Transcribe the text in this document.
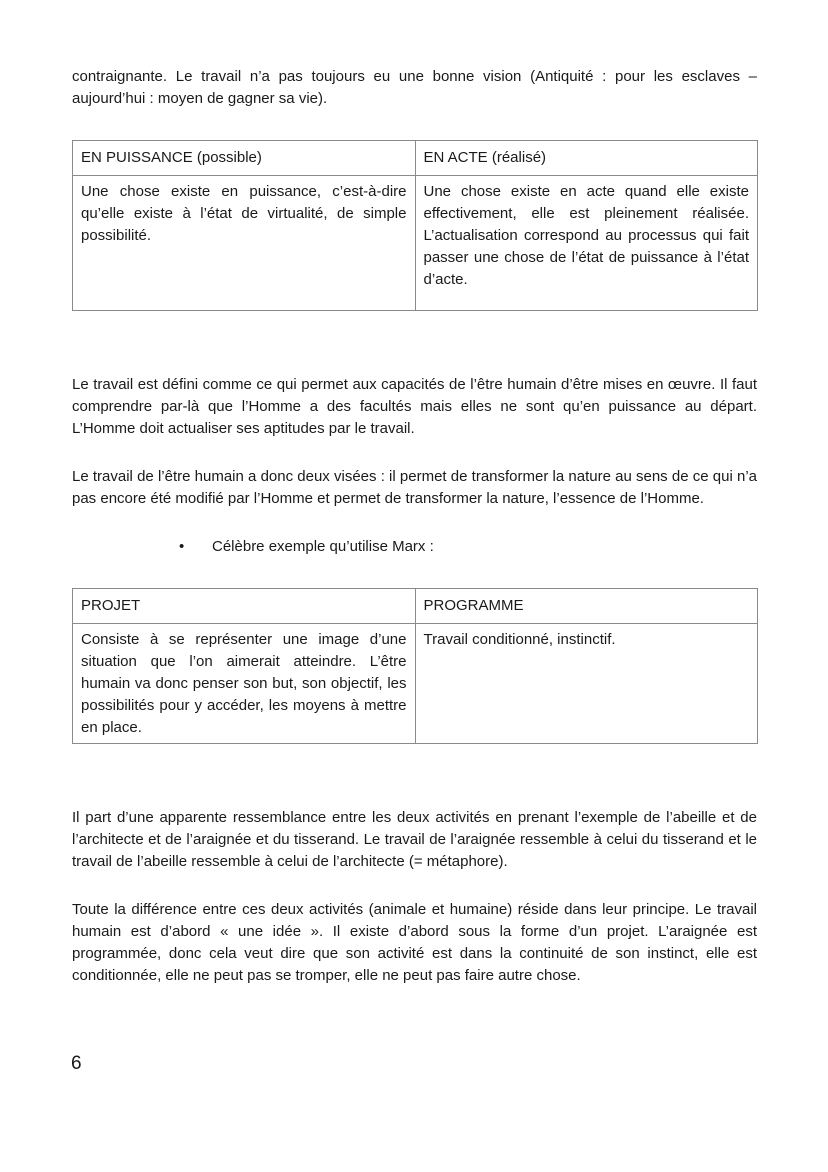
contraignante. Le travail n’a pas toujours eu une bonne vision (Antiquité : pour les esclaves – aujourd’hui : moyen de gagner sa vie).

EN PUISSANCE (possible)	EN ACTE (réalisé)
Une chose existe en puissance, c’est-à-dire qu’elle existe à l’état de virtualité, de simple possibilité.	Une chose existe en acte quand elle existe effectivement, elle est pleinement réalisée. L’actualisation correspond au processus qui fait passer une chose de l’état de puissance à l’état d’acte.

Le travail est défini comme ce qui permet aux capacités de l’être humain d’être mises en œuvre. Il faut comprendre par-là que l’Homme a des facultés mais elles ne sont qu’en puissance au départ. L’Homme doit actualiser ses aptitudes par le travail.

Le travail de l’être humain a donc deux visées : il permet de transformer la nature au sens de ce qui n’a pas encore été modifié par l’Homme et permet de transformer la nature, l’essence de l’Homme.

• Célèbre exemple qu’utilise Marx :
PROJET	PROGRAMME
Consiste à se représenter une image d’une situation que l’on aimerait atteindre. L’être humain va donc penser son but, son objectif, les possibilités pour y accéder, les moyens à mettre en place.	Travail conditionné, instinctif.

Il part d’une apparente ressemblance entre les deux activités en prenant l’exemple de l’abeille et de l’architecte et de l’araignée et du tisserand. Le travail de l’araignée ressemble à celui du tisserand et le travail de l’abeille ressemble à celui de l’architecte (= métaphore).

Toute la différence entre ces deux activités (animale et humaine) réside dans leur principe. Le travail humain est d’abord « une idée ». Il existe d’abord sous la forme d’un projet. L’araignée est programmée, donc cela veut dire que son activité est dans la continuité de son instinct, elle est conditionnée, elle ne peut pas se tromper, elle ne peut pas faire autre chose.

6
